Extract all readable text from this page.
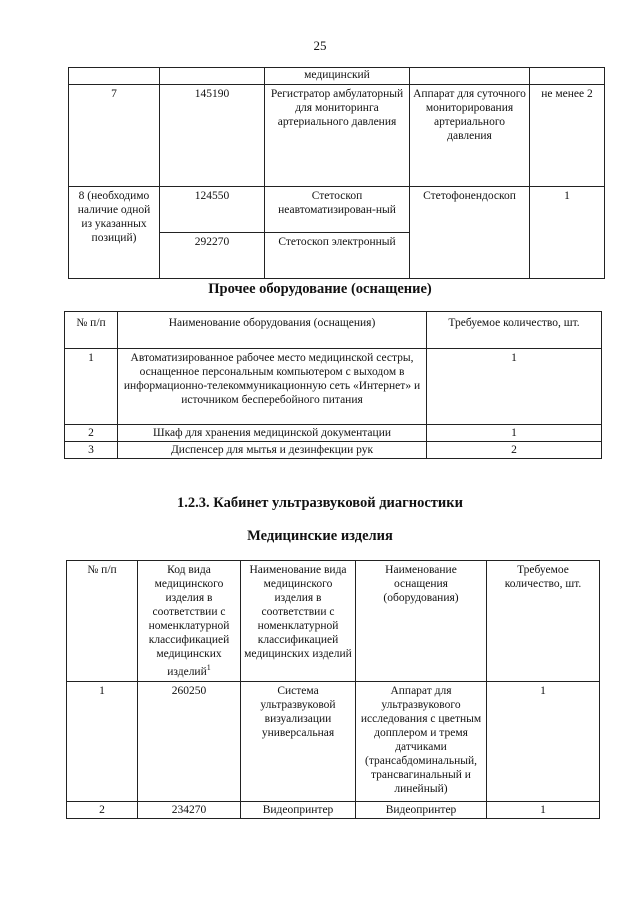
25
		медицинский		
7	145190	Регистратор амбулаторный для мониторинга артериального давления	Аппарат для суточного мониторирования артериального давления	не менее 2
8 (необходимо наличие одной из указанных позиций)	124550	Стетоскоп неавтоматизирован-ный	Стетофонендоскоп	1
	292270	Стетоскоп электронный		
Прочее оборудование (оснащение)
№ п/п	Наименование оборудования (оснащения)	Требуемое количество, шт.
1	Автоматизированное рабочее место медицинской сестры, оснащенное персональным компьютером с выходом в информационно-телекоммуникационную сеть «Интернет» и источником бесперебойного питания	1
2	Шкаф для хранения медицинской документации	1
3	Диспенсер для мытья и дезинфекции рук	2
1.2.3. Кабинет ультразвуковой диагностики
Медицинские изделия
№ п/п	Код вида медицинского изделия в соответствии с номенклатурной классификацией медицинских изделий$^1$	Наименование вида медицинского изделия в соответствии с номенклатурной классификацией медицинских изделий	Наименование оснащения (оборудования)	Требуемое количество, шт.
1	260250	Система ультразвуковой визуализации универсальная	Аппарат для ультразвукового исследования с цветным допплером и тремя датчиками (трансабдоминальный, трансвагинальный и линейный)	1
2	234270	Видеопринтер	Видеопринтер	1
